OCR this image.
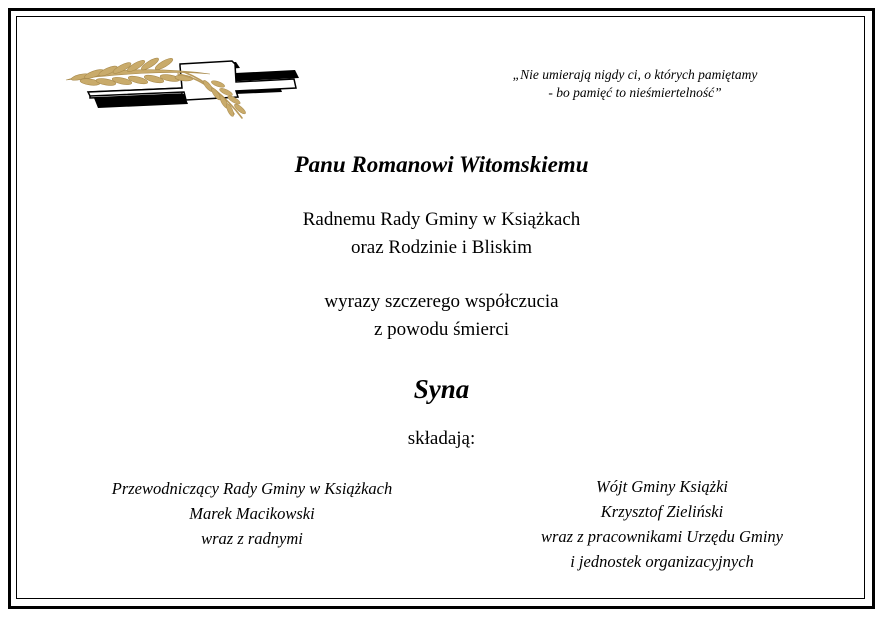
„Nie umierają nigdy ci, o których pamiętamy
- bo pamięć to nieśmiertelność”
Panu Romanowi Witomskiemu
Radnemu Rady Gminy w Książkach
oraz Rodzinie i Bliskim
wyrazy szczerego współczucia
z powodu śmierci
Syna
składają:
Przewodniczący Rady Gminy w Książkach
Marek Macikowski
wraz z radnymi
Wójt Gminy Książki
Krzysztof Zieliński
wraz z pracownikami Urzędu Gminy
i jednostek organizacyjnych
